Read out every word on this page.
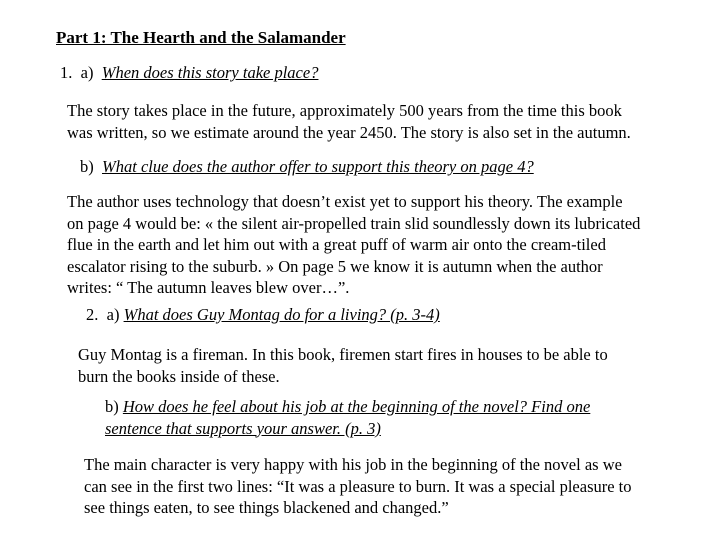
Part 1: The Hearth and the Salamander
1.  a)  When does this story take place?
The story takes place in the future, approximately 500 years from the time this book
was written, so we estimate around the year 2450. The story is also set in the autumn.
b)  What clue does the author offer to support this theory on page 4?
The author uses technology that doesn’t exist yet to support his theory. The example
on page 4 would be: « the silent air-propelled train slid soundlessly down its lubricated
flue in the earth and let him out with a great puff of warm air onto the cream-tiled
escalator rising to the suburb. » On page 5 we know it is autumn when the author
writes: “ The autumn leaves blew over…”.
2.  a) What does Guy Montag do for a living? (p. 3-4)
Guy Montag is a fireman. In this book, firemen start fires in houses to be able to
burn the books inside of these.
b) How does he feel about his job at the beginning of the novel? Find one
sentence that supports your answer. (p. 3)
The main character is very happy with his job in the beginning of the novel as we
can see in the first two lines: “It was a pleasure to burn. It was a special pleasure to
see things eaten, to see things blackened and changed.”
